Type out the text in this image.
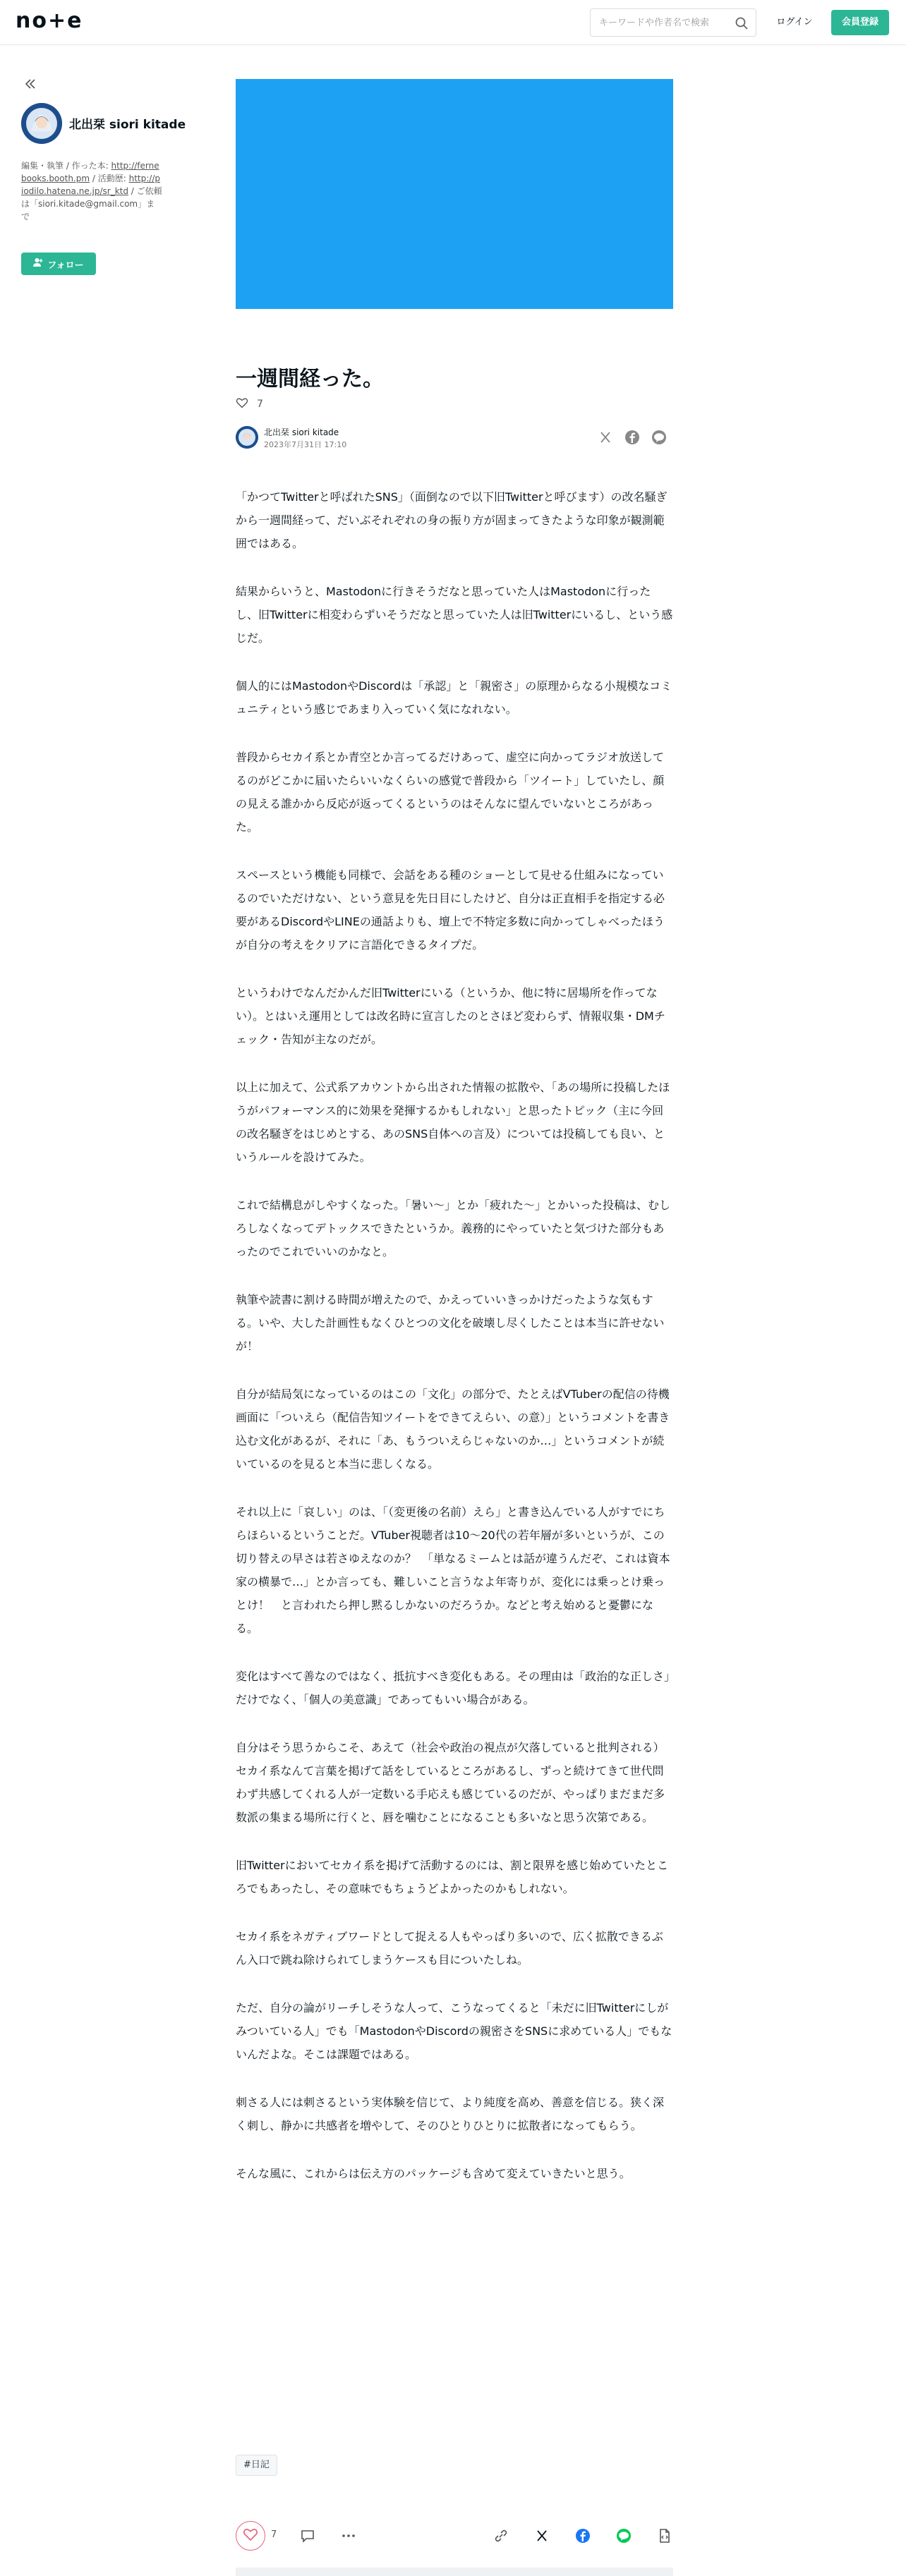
no+e
キーワードや作者名で検索	ログイン	会員登録
北出栞 siori kitade
編集・執筆 / 作った本: http://fernebooks.booth.pm / 活動歴: http://piodilo.hatena.ne.jp/sr_ktd / ご依頼は「siori.kitade@gmail.com」まで
フォロー
一週間経った。
7
北出栞 siori kitade
2023年7月31日 17:10

「かつてTwitterと呼ばれたSNS」（面倒なので以下旧Twitterと呼びます）の改名騒ぎから一週間経って、だいぶそれぞれの身の振り方が固まってきたような印象が観測範囲ではある。

結果からいうと、Mastodonに行きそうだなと思っていた人はMastodonに行ったし、旧Twitterに相変わらずいそうだなと思っていた人は旧Twitterにいるし、という感じだ。

個人的にはMastodonやDiscordは「承認」と「親密さ」の原理からなる小規模なコミュニティという感じであまり入っていく気になれない。

普段からセカイ系とか青空とか言ってるだけあって、虚空に向かってラジオ放送してるのがどこかに届いたらいいなくらいの感覚で普段から「ツイート」していたし、顔の見える誰かから反応が返ってくるというのはそんなに望んでいないところがあった。

スペースという機能も同様で、会話をある種のショーとして見せる仕組みになっているのでいただけない、という意見を先日目にしたけど、自分は正直相手を指定する必要があるDiscordやLINEの通話よりも、壇上で不特定多数に向かってしゃべったほうが自分の考えをクリアに言語化できるタイプだ。

というわけでなんだかんだ旧Twitterにいる（というか、他に特に居場所を作ってない）。とはいえ運用としては改名時に宣言したのとさほど変わらず、情報収集・DMチェック・告知が主なのだが。

以上に加えて、公式系アカウントから出された情報の拡散や、「あの場所に投稿したほうがパフォーマンス的に効果を発揮するかもしれない」と思ったトピック（主に今回の改名騒ぎをはじめとする、あのSNS自体への言及）については投稿しても良い、というルールを設けてみた。

これで結構息がしやすくなった。「暑い〜」とか「疲れた〜」とかいった投稿は、むしろしなくなってデトックスできたというか。義務的にやっていたと気づけた部分もあったのでこれでいいのかなと。

執筆や読書に割ける時間が増えたので、かえっていいきっかけだったような気もする。いや、大した計画性もなくひとつの文化を破壊し尽くしたことは本当に許せないが！

自分が結局気になっているのはこの「文化」の部分で、たとえばVTuberの配信の待機画面に「ついえら（配信告知ツイートをできてえらい、の意）」というコメントを書き込む文化があるが、それに「あ、もうついえらじゃないのか…」というコメントが続いているのを見ると本当に悲しくなる。

それ以上に「哀しい」のは、「（変更後の名前）えら」と書き込んでいる人がすでにちらほらいるということだ。VTuber視聴者は10〜20代の若年層が多いというが、この切り替えの早さは若さゆえなのか？　「単なるミームとは話が違うんだぞ、これは資本家の横暴で…」とか言っても、難しいこと言うなよ年寄りが、変化には乗っとけ乗っとけ！　と言われたら押し黙るしかないのだろうか。などと考え始めると憂鬱になる。

変化はすべて善なのではなく、抵抗すべき変化もある。その理由は「政治的な正しさ」だけでなく、「個人の美意識」であってもいい場合がある。

自分はそう思うからこそ、あえて（社会や政治の視点が欠落していると批判される）セカイ系なんて言葉を掲げて話をしているところがあるし、ずっと続けてきて世代問わず共感してくれる人が一定数いる手応えも感じているのだが、やっぱりまだまだ多数派の集まる場所に行くと、唇を噛むことになることも多いなと思う次第である。

旧Twitterにおいてセカイ系を掲げて活動するのには、割と限界を感じ始めていたところでもあったし、その意味でもちょうどよかったのかもしれない。

セカイ系をネガティブワードとして捉える人もやっぱり多いので、広く拡散できるぶん入口で跳ね除けられてしまうケースも目についたしね。

ただ、自分の論がリーチしそうな人って、こうなってくると「未だに旧Twitterにしがみついている人」でも「MastodonやDiscordの親密さをSNSに求めている人」でもないんだよな。そこは課題ではある。

刺さる人には刺さるという実体験を信じて、より純度を高め、善意を信じる。狭く深く刺し、静かに共感者を増やして、そのひとりひとりに拡散者になってもらう。

そんな風に、これからは伝え方のパッケージも含めて変えていきたいと思う。

#日記
7
